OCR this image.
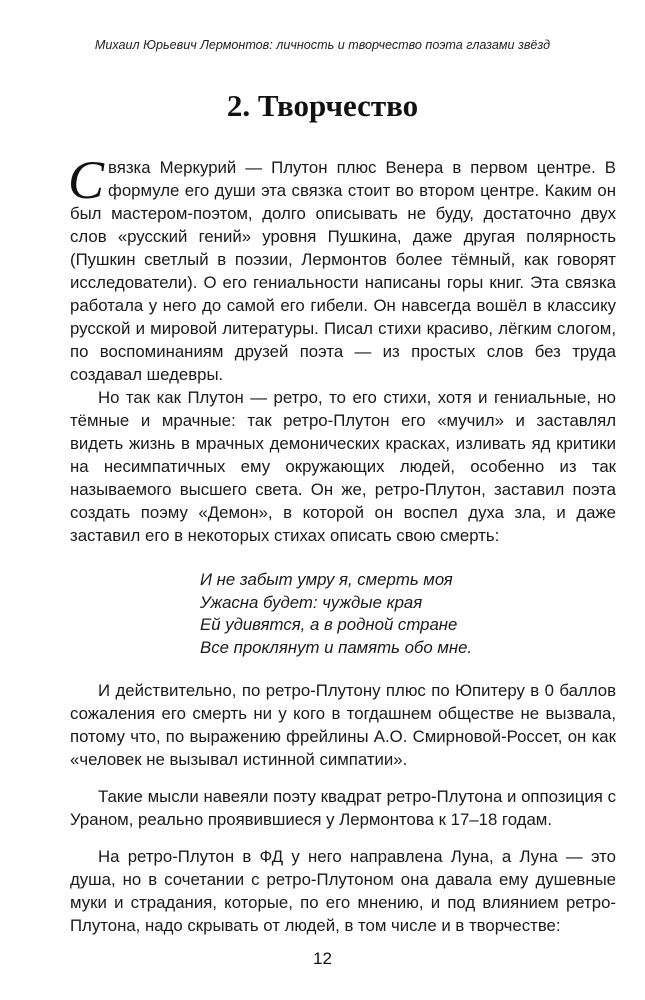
Михаил Юрьевич Лермонтов: личность и творчество поэта глазами звёзд
2. Творчество

Связка Меркурий — Плутон плюс Венера в первом центре. В формуле его души эта связка стоит во втором центре. Каким он был мастером-поэтом, долго описывать не буду, достаточно двух слов «русский гений» уровня Пушкина, даже другая полярность (Пушкин светлый в поэзии, Лермонтов более тёмный, как говорят исследователи). О его гениальности написаны горы книг. Эта связка работала у него до самой его гибели. Он навсегда вошёл в классику русской и мировой литературы. Писал стихи красиво, лёгким слогом, по воспоминаниям друзей поэта — из простых слов без труда создавал шедевры.

Но так как Плутон — ретро, то его стихи, хотя и гениальные, но тёмные и мрачные: так ретро-Плутон его «мучил» и заставлял видеть жизнь в мрачных демонических красках, изливать яд критики на несимпатичных ему окружающих людей, особенно из так называемого высшего света. Он же, ретро-Плутон, заставил поэта создать поэму «Демон», в которой он воспел духа зла, и даже заставил его в некоторых стихах описать свою смерть:

И не забыт умру я, смерть моя
Ужасна будет: чуждые края
Ей удивятся, а в родной стране
Все проклянут и память обо мне.

И действительно, по ретро-Плутону плюс по Юпитеру в 0 баллов сожаления его смерть ни у кого в тогдашнем обществе не вызвала, потому что, по выражению фрейлины А.О. Смирновой-Россет, он как «человек не вызывал истинной симпатии».

Такие мысли навеяли поэту квадрат ретро-Плутона и оппозиция с Ураном, реально проявившиеся у Лермонтова к 17–18 годам.

На ретро-Плутон в ФД у него направлена Луна, а Луна — это душа, но в сочетании с ретро-Плутоном она давала ему душевные муки и страдания, которые, по его мнению, и под влиянием ретро-Плутона, надо скрывать от людей, в том числе и в творчестве:

12
